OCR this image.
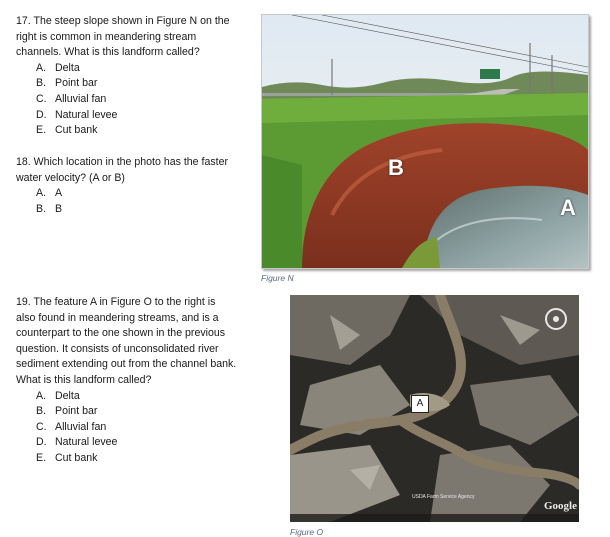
17. The steep slope shown in Figure N on the
right is common in meandering stream
channels. What is this landform called?
A. Delta
B. Point bar
C. Alluvial fan
D. Natural levee
E. Cut bank
18. Which location in the photo has the faster
water velocity? (A or B)
A. A
B. B
19. The feature A in Figure O to the right is
also found in meandering streams, and is a
counterpart to the one shown in the previous
question. It consists of unconsolidated river
sediment extending out from the channel bank.
What is this landform called?
A. Delta
B. Point bar
C. Alluvial fan
D. Natural levee
E. Cut bank
B
A
Figure N
A
USDA Farm Service Agency
Google
Figure O
